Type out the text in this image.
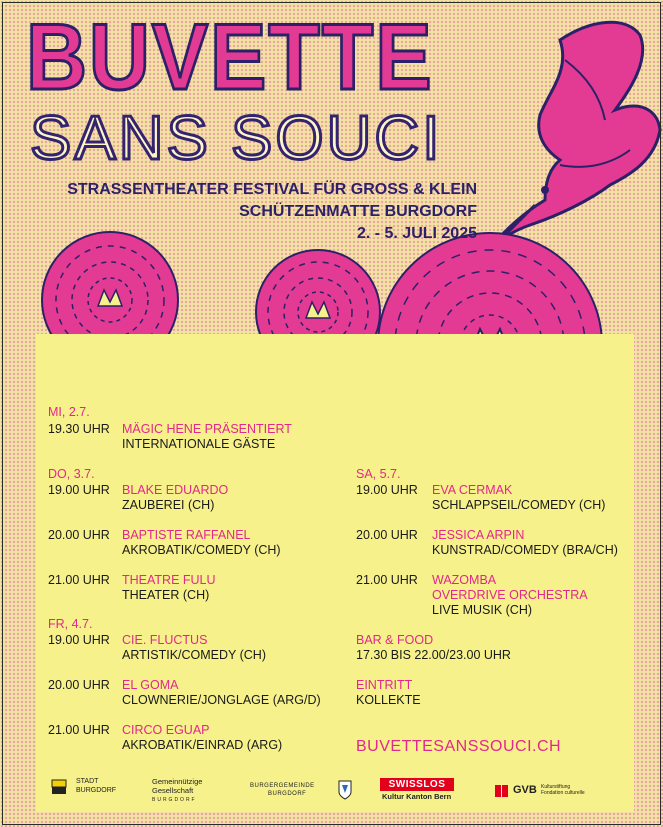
BUVETTE
SANS SOUCI

STRASSENTHEATER FESTIVAL FÜR GROSS & KLEIN

SCHÜTZENMATTE BURGDORF

2. - 5. JULI 2025

MI, 2.7.
19.30 UHR MÄGIC HENE PRÄSENTIERT
INTERNATIONALE GÄSTE
DO, 3.7.
19.00 UHR BLAKE EDUARDO
ZAUBEREI (CH)
20.00 UHR BAPTISTE RAFFANEL
AKROBATIK/COMEDY (CH)
21.00 UHR THEATRE FULU
THEATER (CH)
FR, 4.7.
19.00 UHR CIE. FLUCTUS
ARTISTIK/COMEDY (CH)
20.00 UHR EL GOMA
CLOWNERIE/JONGLAGE (ARG/D)
21.00 UHR CIRCO EGUAP
AKROBATIK/EINRAD (ARG)
SA, 5.7.
19.00 UHR EVA CERMAK
SCHLAPPSEIL/COMEDY (CH)
20.00 UHR JESSICA ARPIN
KUNSTRAD/COMEDY (BRA/CH)
21.00 UHR WAZOMBA
OVERDRIVE ORCHESTRA
LIVE MUSIK (CH)
BAR & FOOD
17.30 BIS 22.00/23.00 UHR
EINTRITT
KOLLEKTE

BUVETTESANSSOUCI.CH

STADT
BURGDORF
Gemeinnützige
Gesellschaft
BURGDORF
BURGERGEMEINDE
BURGDORF
SWISSLOS
Kultur Kanton Bern
GVB Kulturstiftung
Fondation culturelle
